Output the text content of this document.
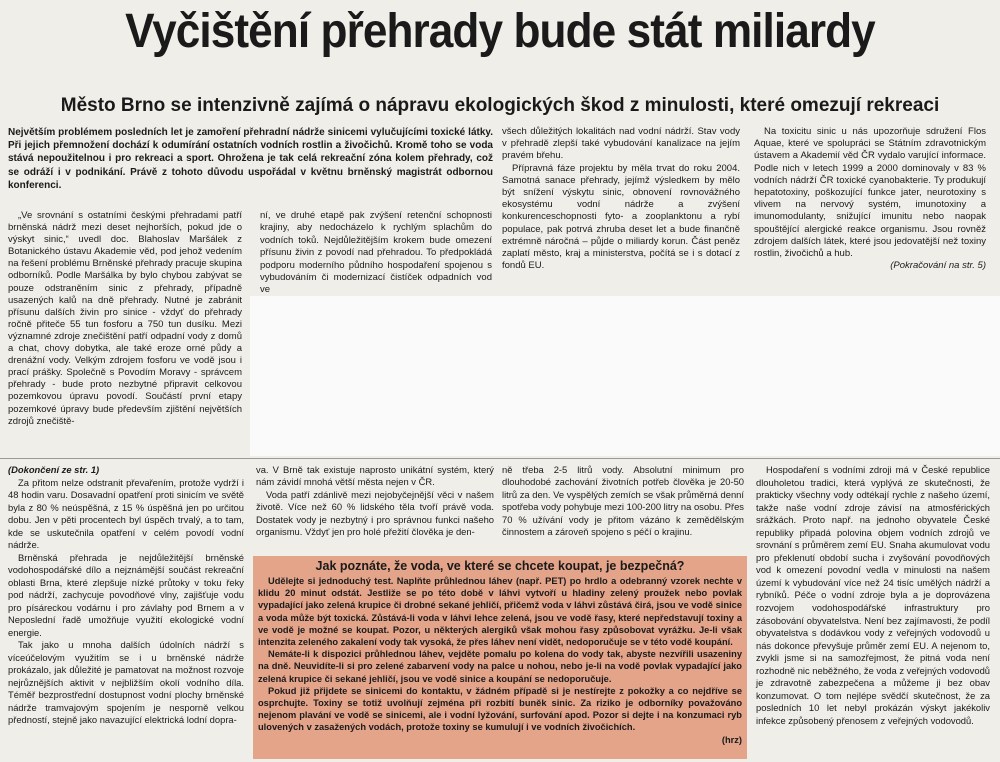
Vyčištění přehrady bude stát miliardy
Město Brno se intenzivně zajímá o nápravu ekologických škod z minulosti, které omezují rekreaci
Největším problémem posledních let je zamoření přehradní nádrže sinicemi vylučujícími toxické látky. Při jejich přemnožení dochází k odumírání ostatních vodních rostlin a živočichů. Kromě toho se voda stává nepoužitelnou i pro rekreaci a sport. Ohrožena je tak celá rekreační zóna kolem přehrady, což se odráží i v podnikání. Právě z tohoto důvodu uspořádal v květnu brněnský magistrát odbornou konferenci.

„Ve srovnání s ostatními českými přehradami patří brněnská nádrž mezi deset nejhorších, pokud jde o výskyt sinic,“ uvedl doc. Blahoslav Maršálek z Botanického ústavu Akademie věd, pod jehož vedením na řešení problému Brněnské přehrady pracuje skupina odborníků. Podle Maršálka by bylo chybou zabývat se pouze odstraněním sinic z přehrady, případně usazených kalů na dně přehrady. Nutné je zabránit přísunu dalších živin pro sinice - vždyť do přehrady ročně přiteče 55 tun fosforu a 750 tun dusíku. Mezi významné zdroje znečištění patří odpadní vody z domů a chat, chovy dobytka, ale také eroze orné půdy a drenážní vody. Velkým zdrojem fosforu ve vodě jsou i prací prášky. Společně s Povodím Moravy - správcem přehrady - bude proto nezbytné připravit celkovou pozemkovou úpravu povodí. Součástí první etapy pozemkové úpravy bude především zjištění největších zdrojů znečiště-

ní, ve druhé etapě pak zvýšení retenční schopnosti krajiny, aby nedocházelo k rychlým splachům do vodních toků. Nejdůležitějším krokem bude omezení přísunu živin z povodí nad přehradou. To předpokládá podporu moderního půdního hospodaření spojenou s vybudováním či modernizací čistíček odpadních vod ve

všech důležitých lokalitách nad vodní nádrží. Stav vody v přehradě zlepší také vybudování kanalizace na jejím pravém břehu.

Přípravná fáze projektu by měla trvat do roku 2004. Samotná sanace přehrady, jejímž výsledkem by mělo být snížení výskytu sinic, obnovení rovnovážného ekosystému vodní nádrže a zvýšení konkurenceschopnosti fyto- a zooplanktonu a rybí populace, pak potrvá zhruba deset let a bude finančně extrémně náročná – půjde o miliardy korun. Část peněz zaplatí město, kraj a ministerstva, počítá se i s dotací z fondů EU.

Na toxicitu sinic u nás upozorňuje sdružení Flos Aquae, které ve spolupráci se Státním zdravotnickým ústavem a Akademií věd ČR vydalo varující informace. Podle nich v letech 1999 a 2000 dominovaly v 83 % vodních nádrží ČR toxické cyanobakterie. Ty produkují hepatotoxiny, poškozující funkce jater, neurotoxiny s vlivem na nervový systém, imunotoxiny a imunomodulanty, snižující imunitu nebo naopak spouštějící alergické reakce organismu. Jsou rovněž zdrojem dalších látek, které jsou jedovatější než toxiny rostlin, živočichů a hub.

(Pokračování na str. 5)

(Dokončení ze str. 1)

Za přitom nelze odstranit převařením, protože vydrží i 48 hodin varu. Dosavadní opatření proti sinicím ve světě byla z 80 % neúspěšná, z 15 % úspěšná jen po určitou dobu. Jen v pěti procentech byl úspěch trvalý, a to tam, kde se uskutečnila opatření v celém povodí vodní nádrže.

Brněnská přehrada je nejdůležitější brněnské vodohospodářské dílo a nejznámější součást rekreační oblasti Brna, které zlepšuje nízké průtoky v toku řeky pod nádrží, zachycuje povodňové vlny, zajišťuje vodu pro písáreckou vodárnu i pro závlahy pod Brnem a v Neposlední řadě umožňuje využití ekologické vodní energie.

Tak jako u mnoha dalších údolních nádrží s víceúčelovým využitím se i u brněnské nádrže prokázalo, jak důležité je pamatovat na možnost rozvoje nejrůznějších aktivit v nejbližším okolí vodního díla. Téměř bezprostřední dostupnost vodní plochy brněnské nádrže tramvajovým spojením je nesporně velkou předností, stejně jako navazující elektrická lodní dopra-

va. V Brně tak existuje naprosto unikátní systém, který nám závidí mnohá větší města nejen v ČR.

Voda patří zdánlivě mezi nejobyčejnější věci v našem životě. Více než 60 % lidského těla tvoří právě voda. Dostatek vody je nezbytný i pro správnou funkci našeho organismu. Vždyť jen pro holé přežití člověka je den-

ně třeba 2-5 litrů vody. Absolutní minimum pro dlouhodobé zachování životních potřeb člověka je 20-50 litrů za den. Ve vyspělých zemích se však průměrná denní spotřeba vody pohybuje mezi 100-200 litry na osobu. Přes 70 % užívání vody je přitom vázáno k zemědělským činnostem a zároveň spojeno s péčí o krajinu.

Hospodaření s vodními zdroji má v České republice dlouholetou tradici, která vyplývá ze skutečnosti, že prakticky všechny vody odtékají rychle z našeho území, takže naše vodní zdroje závisí na atmosférických srážkách. Proto např. na jednoho obyvatele České republiky připadá polovina objem vodních zdrojů ve srovnání s průměrem zemí EU. Snaha akumulovat vodu pro překlenutí období sucha i zvyšování povodňových vod k omezení povodní vedla v minulosti na našem území k vybudování více než 24 tisíc umělých nádrží a rybníků. Péče o vodní zdroje byla a je doprovázena rozvojem vodohospodářské infrastruktury pro zásobování obyvatelstva. Není bez zajímavosti, že podíl obyvatelstva s dodávkou vody z veřejných vodovodů u nás dokonce převyšuje průměr zemí EU. A nejenom to, zvykli jsme si na samozřejmost, že pitná voda není rozhodně nic neběžného, že voda z veřejných vodovodů je zdravotně zabezpečena a můžeme ji bez obav konzumovat. O tom nejlépe svědčí skutečnost, že za posledních 10 let nebyl prokázán výskyt jakékoliv infekce způsobený přenosem z veřejných vodovodů.

Jak poznáte, že voda, ve které se chcete koupat, je bezpečná?

Udělejte si jednoduchý test. Naplňte průhlednou láhev (např. PET) po hrdlo a odebranný vzorek nechte v klidu 20 minut odstát. Jestliže se po této době v láhvi vytvoří u hladiny zelený proužek nebo povlak vypadající jako zelená krupice či drobné sekané jehličí, přičemž voda v láhvi zůstává čirá, jsou ve vodě sinice a voda může být toxická. Zůstává-li voda v láhvi lehce zelená, jsou ve vodě řasy, které nepředstavují toxiny a ve vodě je možné se koupat. Pozor, u některých alergiků však mohou řasy způsobovat vyrážku. Je-li však intenzita zeleného zakalení vody tak vysoká, že přes láhev není vidět, nedoporučuje se v této vodě koupání.

Nemáte-li k dispozici průhlednou láhev, vejděte pomalu po kolena do vody tak, abyste nezvířili usazeniny na dně. Neuvidíte-li si pro zelené zabarvení vody na palce u nohou, nebo je-li na vodě povlak vypadající jako zelená krupice či sekané jehličí, jsou ve vodě sinice a koupání se nedoporučuje.

Pokud již přijdete se sinicemi do kontaktu, v žádném případě si je nestírejte z pokožky a co nejdříve se osprchujte. Toxiny se totiž uvolňují zejména při rozbití buněk sinic. Za riziko je odborníky považováno nejenom plavání ve vodě se sinicemi, ale i vodní lyžování, surfování apod. Pozor si dejte i na konzumaci ryb ulovených v zasažených vodách, protože toxiny se kumulují i ve vodních živočichích.

(hrz)
